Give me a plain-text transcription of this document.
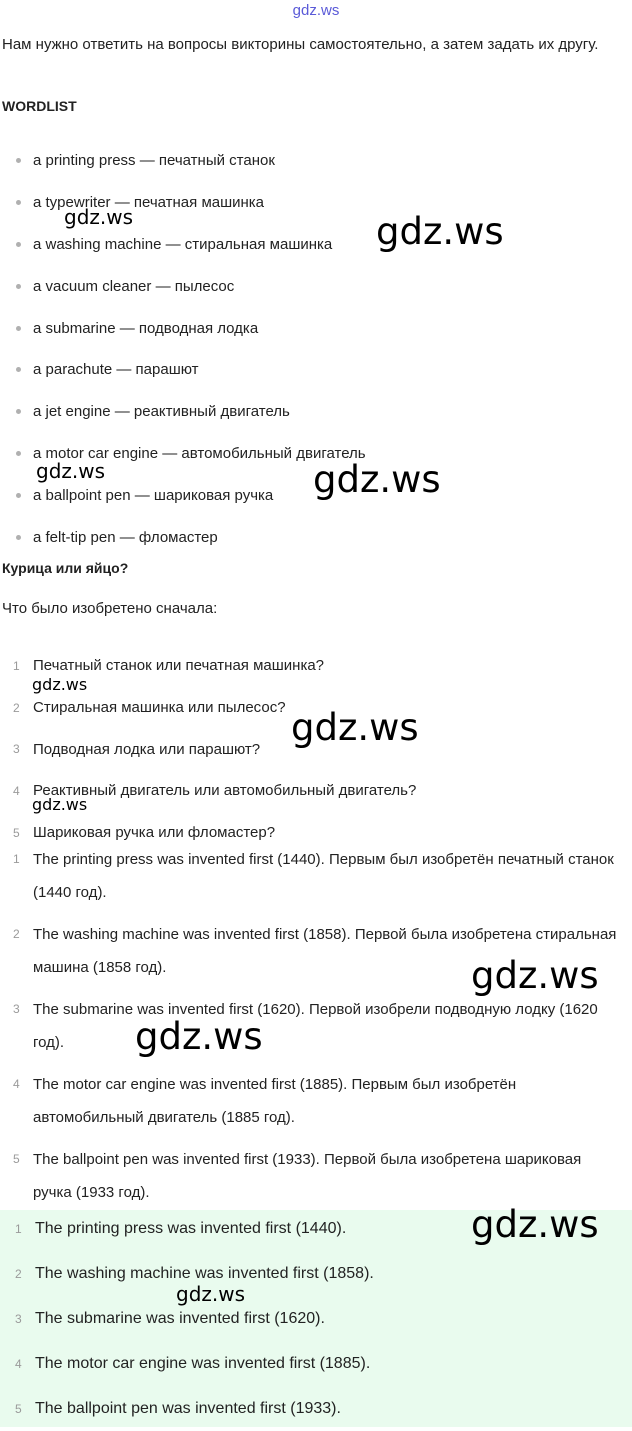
gdz.ws
Нам нужно ответить на вопросы викторины самостоятельно, а затем задать их другу.
WORDLIST
a printing press — печатный станок
a typewriter — печатная машинка
a washing machine — стиральная машинка
a vacuum cleaner — пылесос
a submarine — подводная лодка
a parachute — парашют
a jet engine — реактивный двигатель
a motor car engine — автомобильный двигатель
a ballpoint pen — шариковая ручка
a felt-tip pen — фломастер
Курица или яйцо?
Что было изобретено сначала:
1 Печатный станок или печатная машинка?
2 Стиральная машинка или пылесос?
3 Подводная лодка или парашют?
4 Реактивный двигатель или автомобильный двигатель?
5 Шариковая ручка или фломастер?
1 The printing press was invented first (1440). Первым был изобретён печатный станок (1440 год).
2 The washing machine was invented first (1858). Первой была изобретена стиральная машина (1858 год).
3 The submarine was invented first (1620). Первой изобрели подводную лодку (1620 год).
4 The motor car engine was invented first (1885). Первым был изобретён автомобильный двигатель (1885 год).
5 The ballpoint pen was invented first (1933). Первой была изобретена шариковая ручка (1933 год).
1 The printing press was invented first (1440).
2 The washing machine was invented first (1858).
3 The submarine was invented first (1620).
4 The motor car engine was invented first (1885).
5 The ballpoint pen was invented first (1933).
gdz.ws	gdz.ws
gdz.ws	gdz.ws
gdz.ws
gdz.ws
gdz.ws
gdz.ws
gdz.ws
gdz.ws
gdz.ws
